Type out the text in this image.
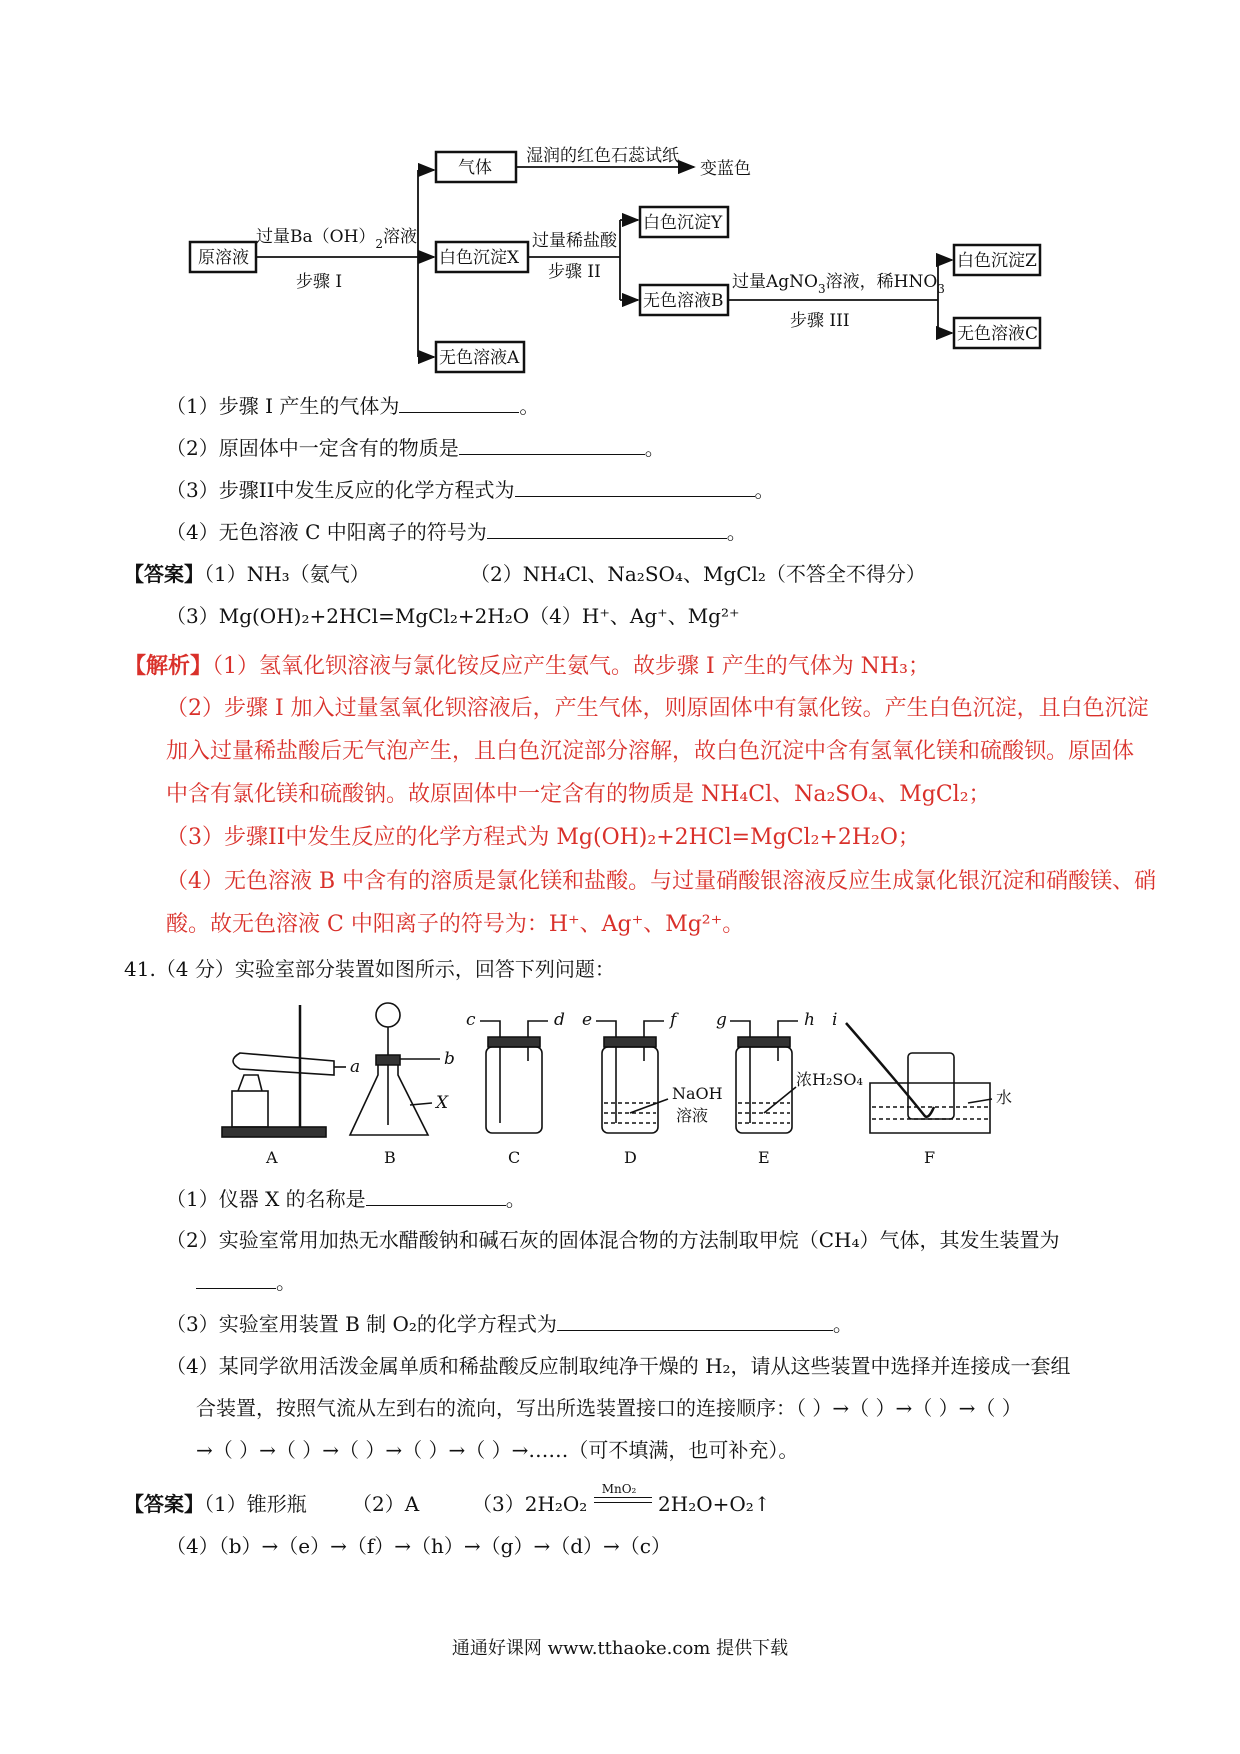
原溶液
气体
白色沉淀X
无色溶液A
白色沉淀Y
无色溶液B
白色沉淀Z
无色溶液C
过量$Ba(OH)_2$溶液
步骤 I
湿润的红色石蕊试纸
变蓝色
过量稀盐酸
步骤 II	过量AgNO$_3$溶液，稀$HNO_3$
步骤 III
（1）步骤 I 产生的气体为	。
（2）原固体中一定含有的物质是	。
（3）步骤II中发生反应的化学方程式为	。
（4）无色溶液 C 中阳离子的符号为	。
【答案】（1）NH₃（氨气）	（2）NH₄Cl、Na₂SO₄、MgCl₂（不答全不得分）
（3）Mg(OH)₂+2HCl=MgCl₂+2H₂O（4）H⁺、Ag⁺、Mg²⁺
【解析】（1）氢氧化钡溶液与氯化铵反应产生氨气。故步骤 I 产生的气体为 NH₃；
（2）步骤 I 加入过量氢氧化钡溶液后，产生气体，则原固体中有氯化铵。产生白色沉淀，且白色沉淀
加入过量稀盐酸后无气泡产生，且白色沉淀部分溶解，故白色沉淀中含有氢氧化镁和硫酸钡。原固体
中含有氯化镁和硫酸钠。故原固体中一定含有的物质是 NH₄Cl、Na₂SO₄、MgCl₂；
（3）步骤II中发生反应的化学方程式为 Mg(OH)₂+2HCl=MgCl₂+2H₂O；
（4）无色溶液 B 中含有的溶质是氯化镁和盐酸。与过量硝酸银溶液反应生成氯化银沉淀和硝酸镁、硝
酸。故无色溶液 C 中阳离子的符号为：H⁺、Ag⁺、Mg²⁺。
41.（4 分）实验室部分装置如图所示，回答下列问题：
a	b
X
c	d e	f g	h i
NaOH
溶液
浓H₂SO₄
水
A	B	C	D	E	F
（1）仪器 X 的名称是	。
（2）实验室常用加热无水醋酸钠和碱石灰的固体混合物的方法制取甲烷（CH₄）气体，其发生装置为
。
（3）实验室用装置 B 制 O₂的化学方程式为	。
（4）某同学欲用活泼金属单质和稀盐酸反应制取纯净干燥的 H₂，请从这些装置中选择并连接成一套组
合装置，按照气流从左到右的流向，写出所选装置接口的连接顺序：（ ）→（ ）→（ ）→（ ）
→（ ）→（ ）→（ ）→（ ）→（ ）→……（可不填满，也可补充）。
【答案】（1）锥形瓶 （2）A	（3）2H₂O₂
MnO₂
2H₂O+O₂↑
（4）（b）→（e）→（f）→（h）→（g）→（d）→（c）
通通好课网 www.tthaoke.com 提供下载
